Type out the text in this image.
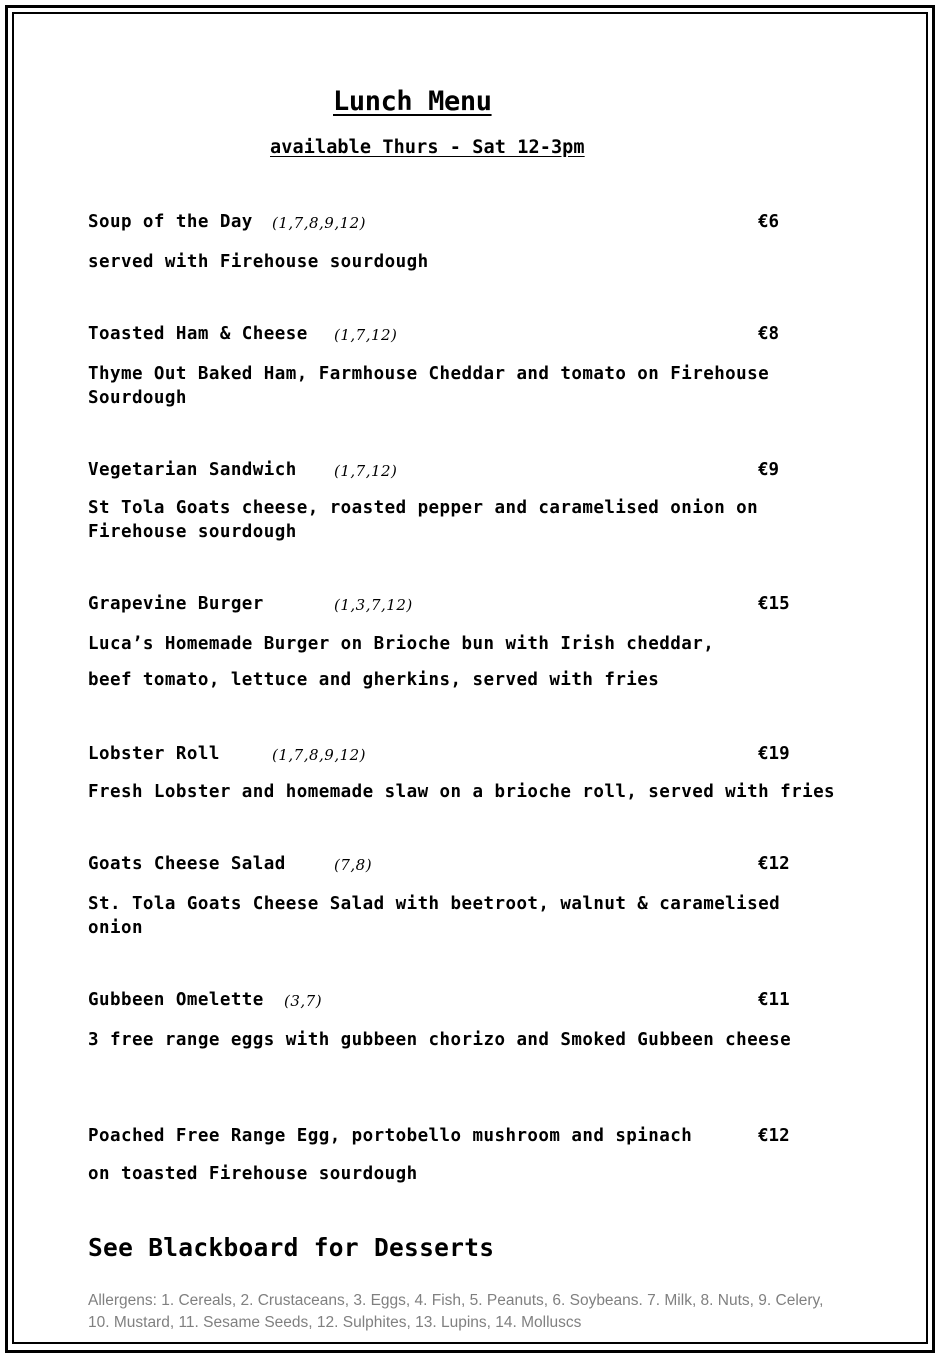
Lunch Menu
available Thurs - Sat 12-3pm
Soup of the Day (1,7,8,9,12)	€6
served with Firehouse sourdough
Toasted Ham & Cheese (1,7,12)	€8
Thyme Out Baked Ham, Farmhouse Cheddar and tomato on Firehouse
Sourdough
Vegetarian Sandwich (1,7,12)	€9
St Tola Goats cheese, roasted pepper and caramelised onion on
Firehouse sourdough
Grapevine Burger	(1,3,7,12)	€15
Luca’s Homemade Burger on Brioche bun with Irish cheddar,
beef tomato, lettuce and gherkins, served with fries
Lobster Roll	(1,7,8,9,12)	€19
Fresh Lobster and homemade slaw on a brioche roll, served with fries
Goats Cheese Salad	(7,8)	€12
St. Tola Goats Cheese Salad with beetroot, walnut & caramelised
onion
Gubbeen Omelette (3,7)	€11
3 free range eggs with gubbeen chorizo and Smoked Gubbeen cheese
Poached Free Range Egg, portobello mushroom and spinach	€12
on toasted Firehouse sourdough
See Blackboard for Desserts
Allergens: 1. Cereals, 2. Crustaceans, 3. Eggs, 4. Fish, 5. Peanuts, 6. Soybeans. 7. Milk, 8. Nuts, 9. Celery, 10. Mustard, 11. Sesame Seeds, 12. Sulphites, 13. Lupins, 14. Molluscs
